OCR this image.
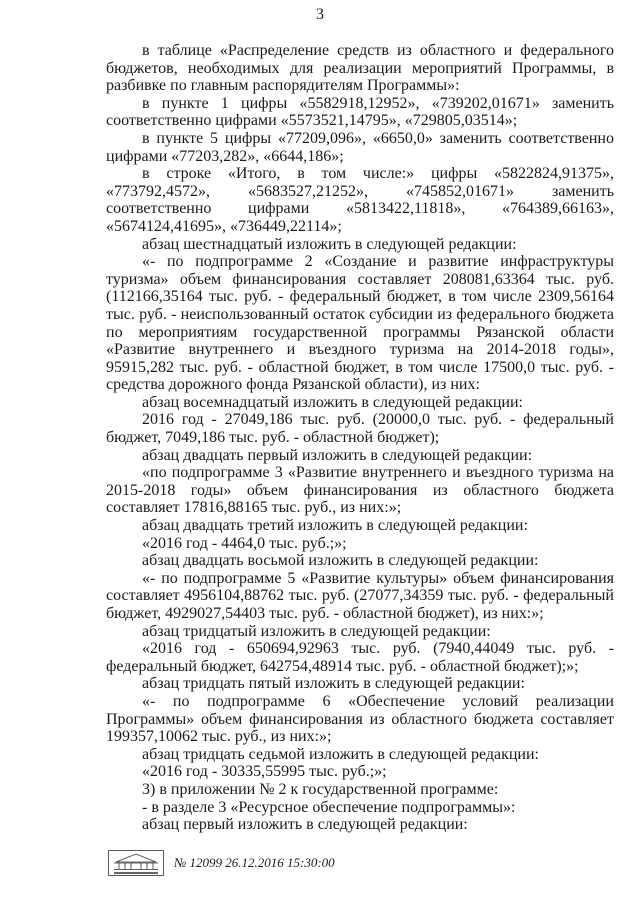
3

в таблице «Распределение средств из областного и федерального бюджетов, необходимых для реализации мероприятий Программы, в разбивке по главным распорядителям Программы»:

в пункте 1 цифры «5582918,12952», «739202,01671» заменить соответственно цифрами «5573521,14795», «729805,03514»;

в пункте 5 цифры «77209,096», «6650,0» заменить соответственно цифрами «77203,282», «6644,186»;

в строке «Итого, в том числе:» цифры «5822824,91375», «773792,4572», «5683527,21252», «745852,01671» заменить соответственно цифрами «5813422,11818», «764389,66163», «5674124,41695», «736449,22114»;

абзац шестнадцатый изложить в следующей редакции:

«- по подпрограмме 2 «Создание и развитие инфраструктуры туризма» объем финансирования составляет 208081,63364 тыс. руб. (112166,35164 тыс. руб. - федеральный бюджет, в том числе 2309,56164 тыс. руб. - неиспользованный остаток субсидии из федерального бюджета по мероприятиям государственной программы Рязанской области «Развитие внутреннего и въездного туризма на 2014-2018 годы», 95915,282 тыс. руб. - областной бюджет, в том числе 17500,0 тыс. руб. - средства дорожного фонда Рязанской области), из них:

абзац восемнадцатый изложить в следующей редакции:

2016 год - 27049,186 тыс. руб. (20000,0 тыс. руб. - федеральный бюджет, 7049,186 тыс. руб. - областной бюджет);

абзац двадцать первый изложить в следующей редакции:

«по подпрограмме 3 «Развитие внутреннего и въездного туризма на 2015-2018 годы» объем финансирования из областного бюджета составляет 17816,88165 тыс. руб., из них:»;

абзац двадцать третий изложить в следующей редакции:

«2016 год - 4464,0 тыс. руб.;»;

абзац двадцать восьмой изложить в следующей редакции:

«- по подпрограмме 5 «Развитие культуры» объем финансирования составляет 4956104,88762 тыс. руб. (27077,34359 тыс. руб. - федеральный бюджет, 4929027,54403 тыс. руб. - областной бюджет), из них:»;

абзац тридцатый изложить в следующей редакции:

«2016 год - 650694,92963 тыс. руб. (7940,44049 тыс. руб. - федеральный бюджет, 642754,48914 тыс. руб. - областной бюджет);»;

абзац тридцать пятый изложить в следующей редакции:

«- по подпрограмме 6 «Обеспечение условий реализации Программы» объем финансирования из областного бюджета составляет 199357,10062 тыс. руб., из них:»;

абзац тридцать седьмой изложить в следующей редакции:

«2016 год - 30335,55995 тыс. руб.;»;

3) в приложении № 2 к государственной программе:

- в разделе 3 «Ресурсное обеспечение подпрограммы»:

абзац первый изложить в следующей редакции:

№ 12099 26.12.2016 15:30:00
